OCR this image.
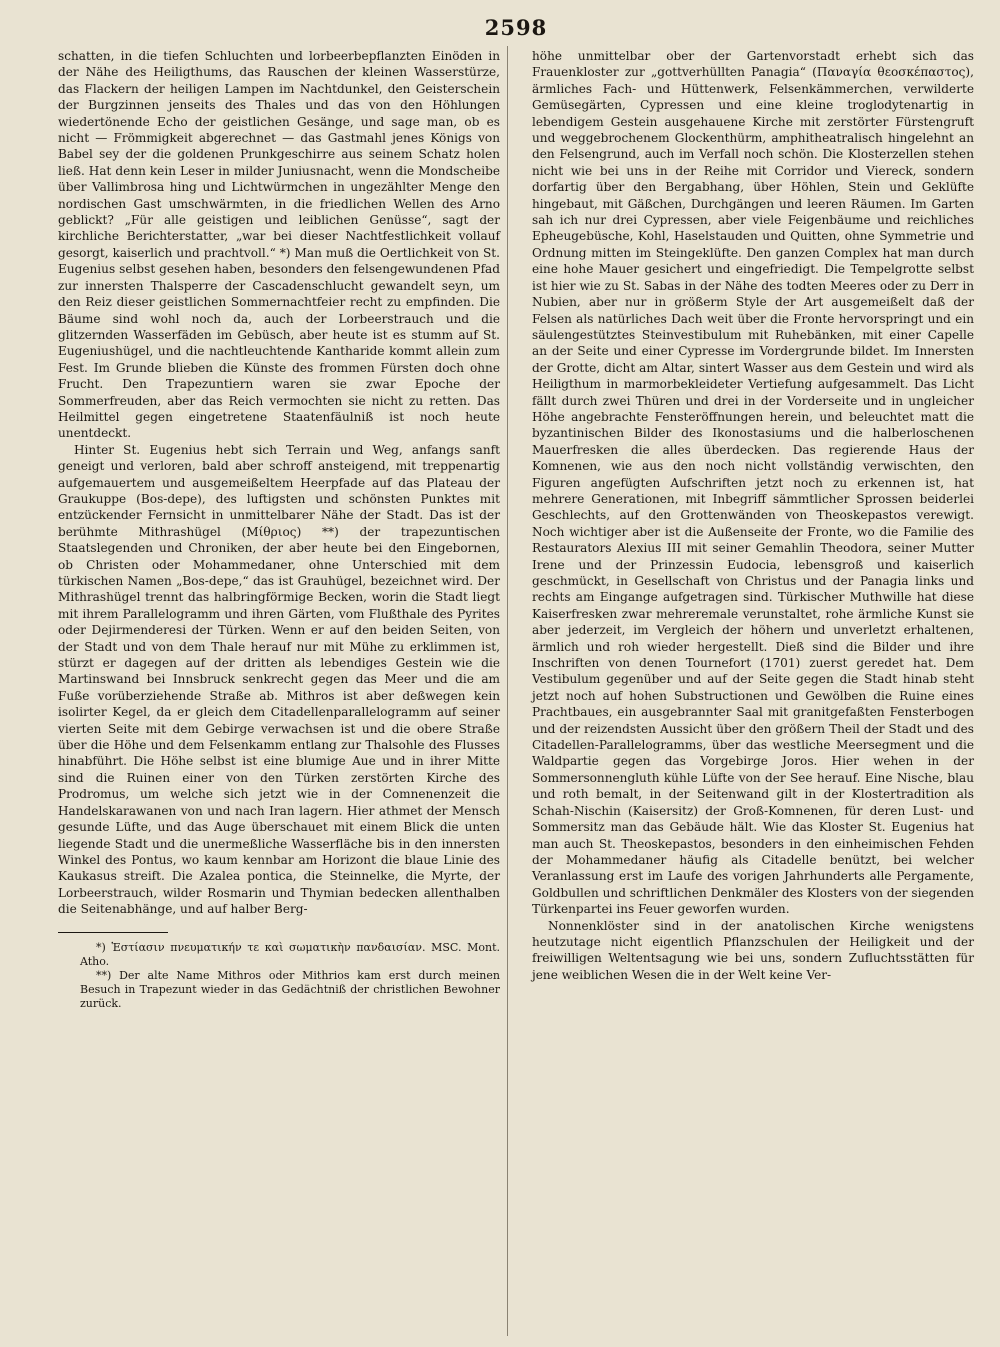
2598

schatten, in die tiefen Schluchten und lorbeerbepflanzten Einöden in der Nähe des Heiligthums, das Rauschen der kleinen Wasserstürze, das Flackern der heiligen Lampen im Nachtdunkel, den Geisterschein der Burgzinnen jenseits des Thales und das von den Höhlungen wiedertönende Echo der geistlichen Gesänge, und sage man, ob es nicht — Frömmigkeit abgerechnet — das Gastmahl jenes Königs von Babel sey der die goldenen Prunkgeschirre aus seinem Schatz holen ließ. Hat denn kein Leser in milder Juniusnacht, wenn die Mondscheibe über Vallimbrosa hing und Lichtwürmchen in ungezählter Menge den nordischen Gast umschwärmten, in die friedlichen Wellen des Arno geblickt? „Für alle geistigen und leiblichen Genüsse“, sagt der kirchliche Berichterstatter, „war bei dieser Nachtfestlichkeit vollauf gesorgt, kaiserlich und prachtvoll.“ *) Man muß die Oertlichkeit von St. Eugenius selbst gesehen haben, besonders den felsengewundenen Pfad zur innersten Thalsperre der Cascadenschlucht gewandelt seyn, um den Reiz dieser geistlichen Sommernachtfeier recht zu empfinden. Die Bäume sind wohl noch da, auch der Lorbeerstrauch und die glitzernden Wasserfäden im Gebüsch, aber heute ist es stumm auf St. Eugeniushügel, und die nachtleuchtende Kantharide kommt allein zum Fest. Im Grunde blieben die Künste des frommen Fürsten doch ohne Frucht. Den Trapezuntiern waren sie zwar Epoche der Sommerfreuden, aber das Reich vermochten sie nicht zu retten. Das Heilmittel gegen eingetretene Staatenfäulniß ist noch heute unentdeckt.

Hinter St. Eugenius hebt sich Terrain und Weg, anfangs sanft geneigt und verloren, bald aber schroff ansteigend, mit treppenartig aufgemauertem und ausgemeißeltem Heerpfade auf das Plateau der Graukuppe (Bos-depe), des luftigsten und schönsten Punktes mit entzückender Fernsicht in unmittelbarer Nähe der Stadt. Das ist der berühmte Mithrashügel (Μίθριος) **) der trapezuntischen Staatslegenden und Chroniken, der aber heute bei den Eingebornen, ob Christen oder Mohammedaner, ohne Unterschied mit dem türkischen Namen „Bos-depe,“ das ist Grauhügel, bezeichnet wird. Der Mithrashügel trennt das halbringförmige Becken, worin die Stadt liegt mit ihrem Parallelogramm und ihren Gärten, vom Flußthale des Pyrites oder Dejirmenderesi der Türken. Wenn er auf den beiden Seiten, von der Stadt und von dem Thale herauf nur mit Mühe zu erklimmen ist, stürzt er dagegen auf der dritten als lebendiges Gestein wie die Martinswand bei Innsbruck senkrecht gegen das Meer und die am Fuße vorüberziehende Straße ab. Mithros ist aber deßwegen kein isolirter Kegel, da er gleich dem Citadellenparallelogramm auf seiner vierten Seite mit dem Gebirge verwachsen ist und die obere Straße über die Höhe und dem Felsenkamm entlang zur Thalsohle des Flusses hinabführt. Die Höhe selbst ist eine blumige Aue und in ihrer Mitte sind die Ruinen einer von den Türken zerstörten Kirche des Prodromus, um welche sich jetzt wie in der Comnenenzeit die Handelskarawanen von und nach Iran lagern. Hier athmet der Mensch gesunde Lüfte, und das Auge überschauet mit einem Blick die unten liegende Stadt und die unermeßliche Wasserfläche bis in den innersten Winkel des Pontus, wo kaum kennbar am Horizont die blaue Linie des Kaukasus streift. Die Azalea pontica, die Steinnelke, die Myrte, der Lorbeerstrauch, wilder Rosmarin und Thymian bedecken allenthalben die Seitenabhänge, und auf halber Berg-

*) Ἑστίασιν πνευματικήν τε καὶ σωματικὴν πανδαισίαν. MSC. Mont. Atho.

**) Der alte Name Mithros oder Mithrios kam erst durch meinen Besuch in Trapezunt wieder in das Gedächtniß der christlichen Bewohner zurück.

höhe unmittelbar ober der Gartenvorstadt erhebt sich das Frauenkloster zur „gottverhüllten Panagia“ (Παναγία θεοσκέπαστος), ärmliches Fach- und Hüttenwerk, Felsenkämmerchen, verwilderte Gemüsegärten, Cypressen und eine kleine troglodytenartig in lebendigem Gestein ausgehauene Kirche mit zerstörter Fürstengruft und weggebrochenem Glockenthürm, amphitheatralisch hingelehnt an den Felsengrund, auch im Verfall noch schön. Die Klosterzellen stehen nicht wie bei uns in der Reihe mit Corridor und Viereck, sondern dorfartig über den Bergabhang, über Höhlen, Stein und Geklüfte hingebaut, mit Gäßchen, Durchgängen und leeren Räumen. Im Garten sah ich nur drei Cypressen, aber viele Feigenbäume und reichliches Epheugebüsche, Kohl, Haselstauden und Quitten, ohne Symmetrie und Ordnung mitten im Steingeklüfte. Den ganzen Complex hat man durch eine hohe Mauer gesichert und eingefriedigt. Die Tempelgrotte selbst ist hier wie zu St. Sabas in der Nähe des todten Meeres oder zu Derr in Nubien, aber nur in größerm Style der Art ausgemeißelt daß der Felsen als natürliches Dach weit über die Fronte hervorspringt und ein säulengestütztes Steinvestibulum mit Ruhebänken, mit einer Capelle an der Seite und einer Cypresse im Vordergrunde bildet. Im Innersten der Grotte, dicht am Altar, sintert Wasser aus dem Gestein und wird als Heiligthum in marmorbekleideter Vertiefung aufgesammelt. Das Licht fällt durch zwei Thüren und drei in der Vorderseite und in ungleicher Höhe angebrachte Fensteröffnungen herein, und beleuchtet matt die byzantinischen Bilder des Ikonostasiums und die halberloschenen Mauerfresken die alles überdecken. Das regierende Haus der Komnenen, wie aus den noch nicht vollständig verwischten, den Figuren angefügten Aufschriften jetzt noch zu erkennen ist, hat mehrere Generationen, mit Inbegriff sämmtlicher Sprossen beiderlei Geschlechts, auf den Grottenwänden von Theoskepastos verewigt. Noch wichtiger aber ist die Außenseite der Fronte, wo die Familie des Restaurators Alexius III mit seiner Gemahlin Theodora, seiner Mutter Irene und der Prinzessin Eudocia, lebensgroß und kaiserlich geschmückt, in Gesellschaft von Christus und der Panagia links und rechts am Eingange aufgetragen sind. Türkischer Muthwille hat diese Kaiserfresken zwar mehreremale verunstaltet, rohe ärmliche Kunst sie aber jederzeit, im Vergleich der höhern und unverletzt erhaltenen, ärmlich und roh wieder hergestellt. Dieß sind die Bilder und ihre Inschriften von denen Tournefort (1701) zuerst geredet hat. Dem Vestibulum gegenüber und auf der Seite gegen die Stadt hinab steht jetzt noch auf hohen Substructionen und Gewölben die Ruine eines Prachtbaues, ein ausgebrannter Saal mit granitgefaßten Fensterbogen und der reizendsten Aussicht über den größern Theil der Stadt und des Citadellen-Parallelogramms, über das westliche Meersegment und die Waldpartie gegen das Vorgebirge Joros. Hier wehen in der Sommersonnengluth kühle Lüfte von der See herauf. Eine Nische, blau und roth bemalt, in der Seitenwand gilt in der Klostertradition als Schah-Nischin (Kaisersitz) der Groß-Komnenen, für deren Lust- und Sommersitz man das Gebäude hält. Wie das Kloster St. Eugenius hat man auch St. Theoskepastos, besonders in den einheimischen Fehden der Mohammedaner häufig als Citadelle benützt, bei welcher Veranlassung erst im Laufe des vorigen Jahrhunderts alle Pergamente, Goldbullen und schriftlichen Denkmäler des Klosters von der siegenden Türkenpartei ins Feuer geworfen wurden.

Nonnenklöster sind in der anatolischen Kirche wenigstens heutzutage nicht eigentlich Pflanzschulen der Heiligkeit und der freiwilligen Weltentsagung wie bei uns, sondern Zufluchtsstätten für jene weiblichen Wesen die in der Welt keine Ver-
